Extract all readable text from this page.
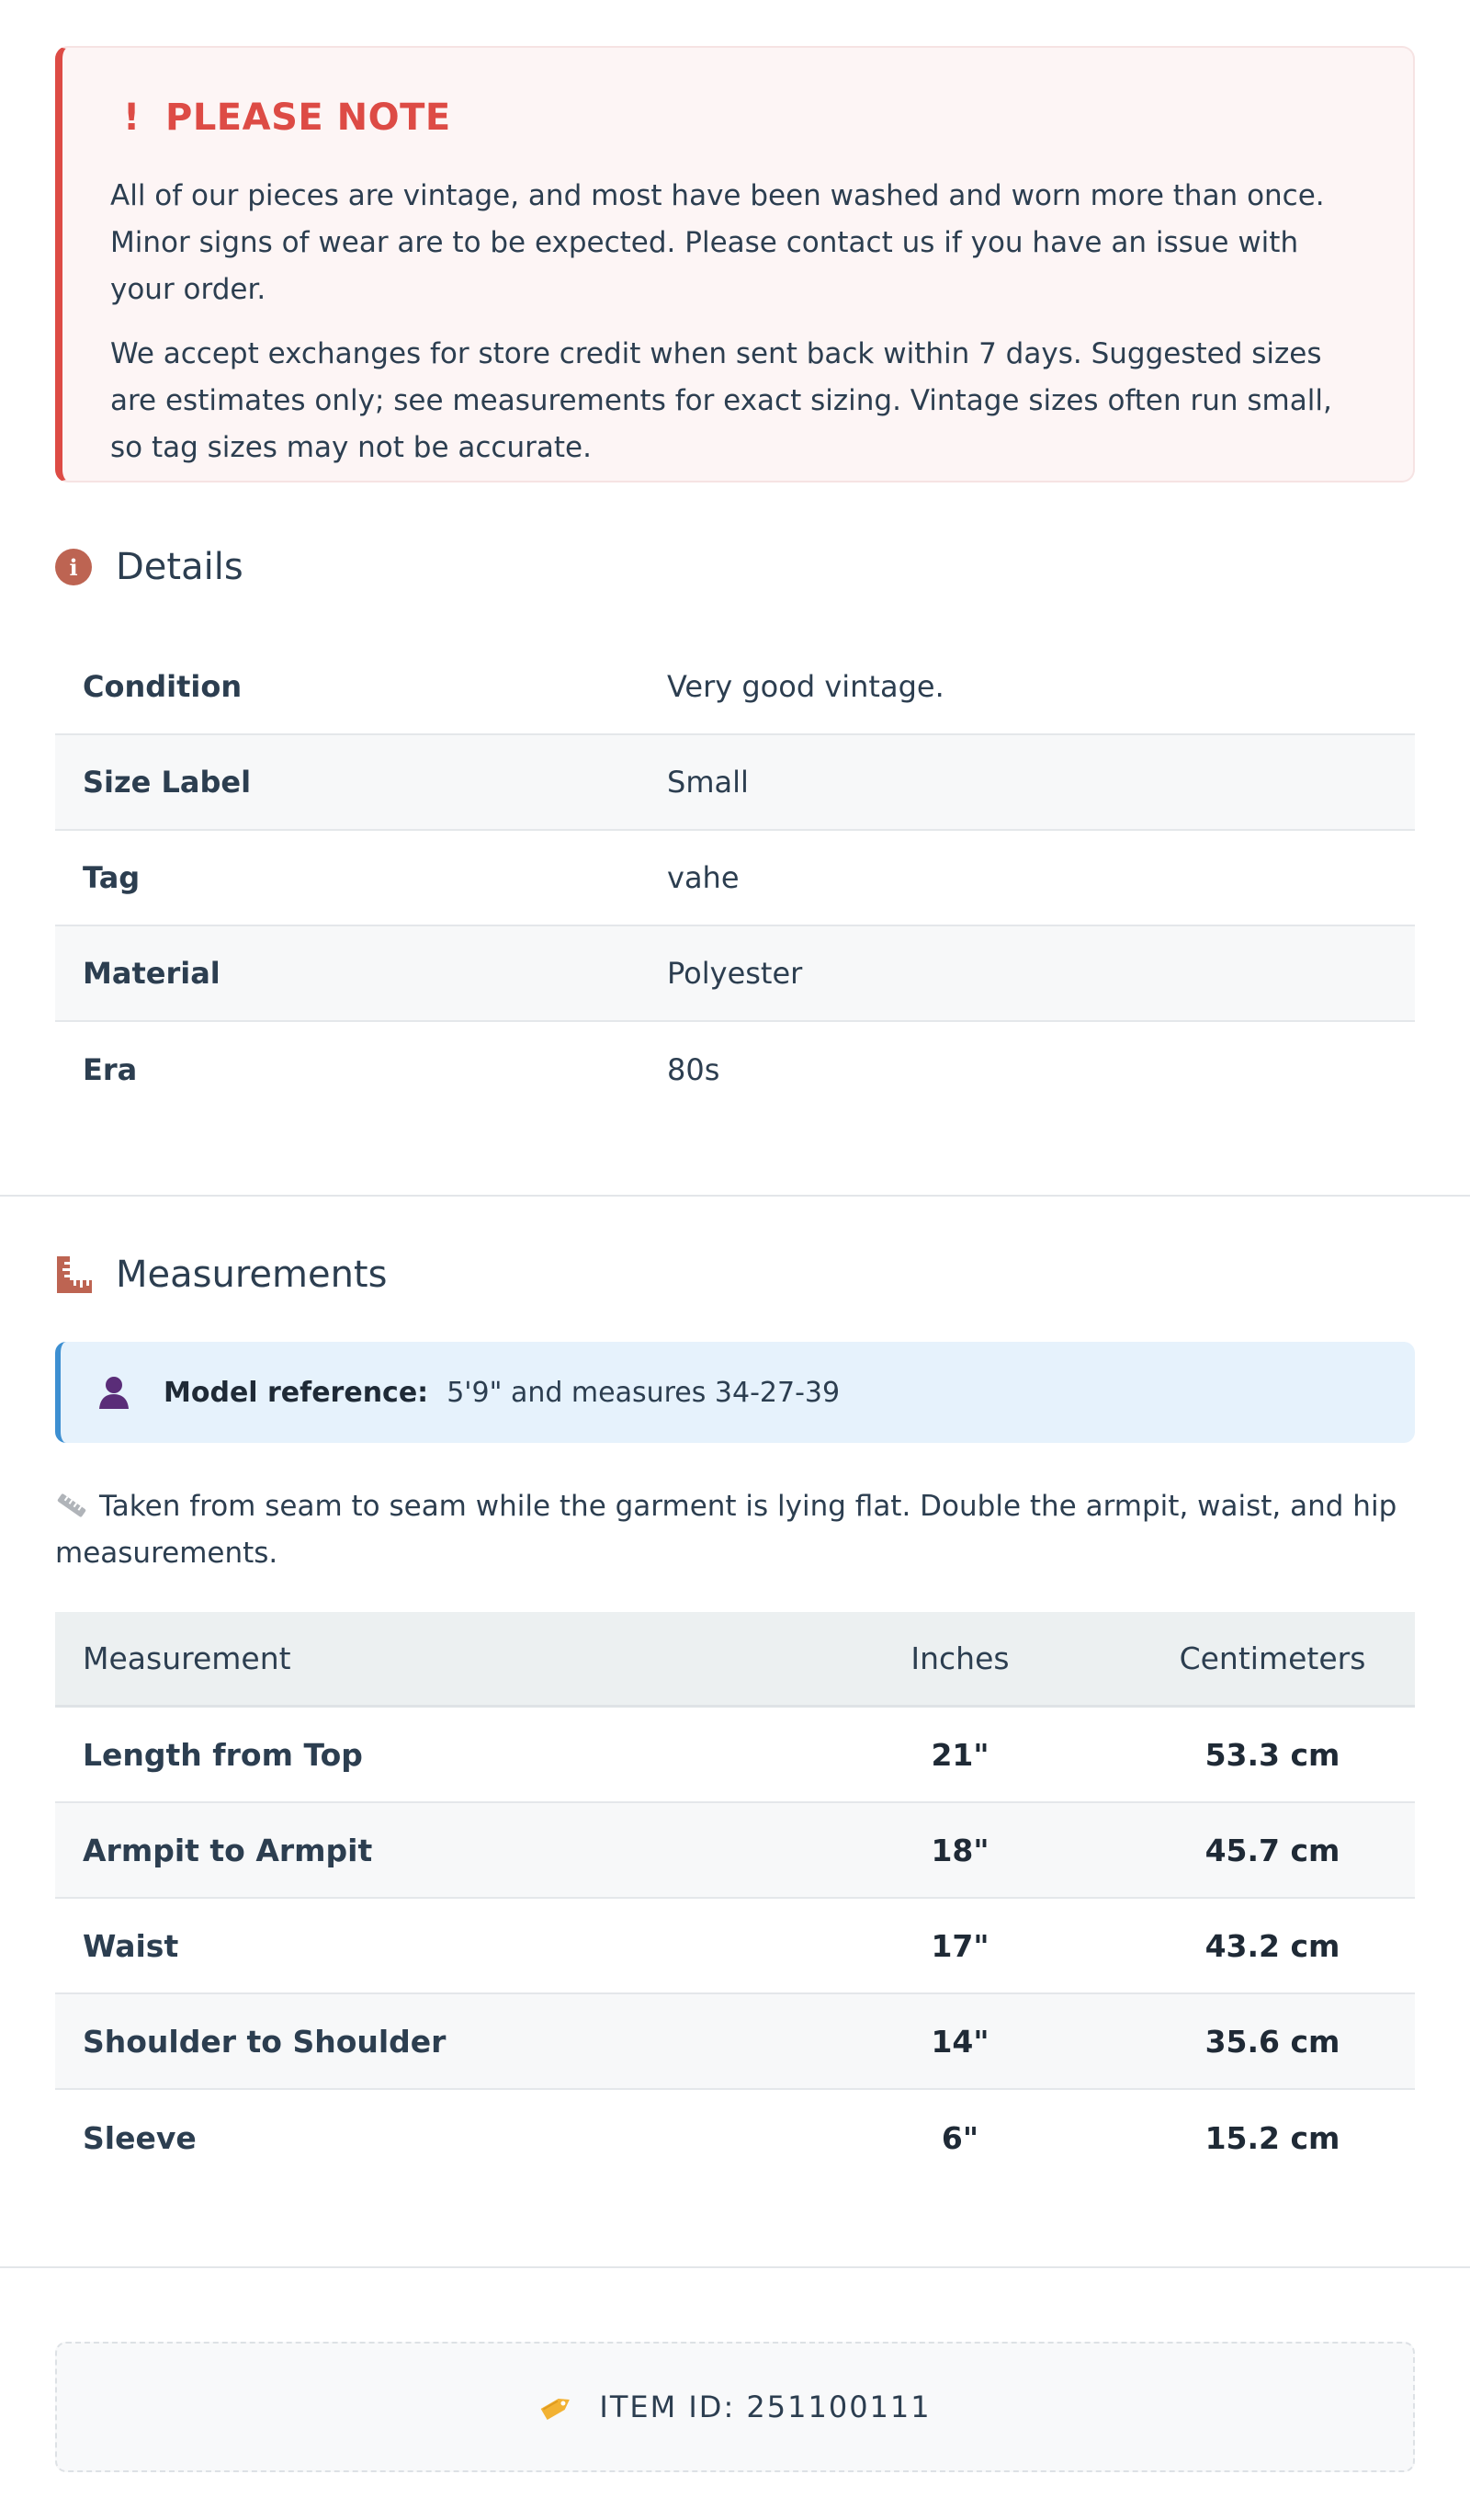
! PLEASE NOTE

All of our pieces are vintage, and most have been washed and worn more than once. Minor signs of wear are to be expected. Please contact us if you have an issue with your order.

We accept exchanges for store credit when sent back within 7 days. Suggested sizes are estimates only; see measurements for exact sizing. Vintage sizes often run small, so tag sizes may not be accurate.

i	Details
Condition	Very good vintage.
Size Label	Small
Tag	vahe
Material	Polyester
Era	80s
Measurements
Model reference: 5'9" and measures 34-27-39
Taken from seam to seam while the garment is lying flat. Double the armpit, waist, and hip measurements.
Measurement	Inches	Centimeters
Length from Top	21"	53.3 cm
Armpit to Armpit	18"	45.7 cm
Waist	17"	43.2 cm
Shoulder to Shoulder	14"	35.6 cm
Sleeve	6"	15.2 cm
ITEM ID: 251100111
